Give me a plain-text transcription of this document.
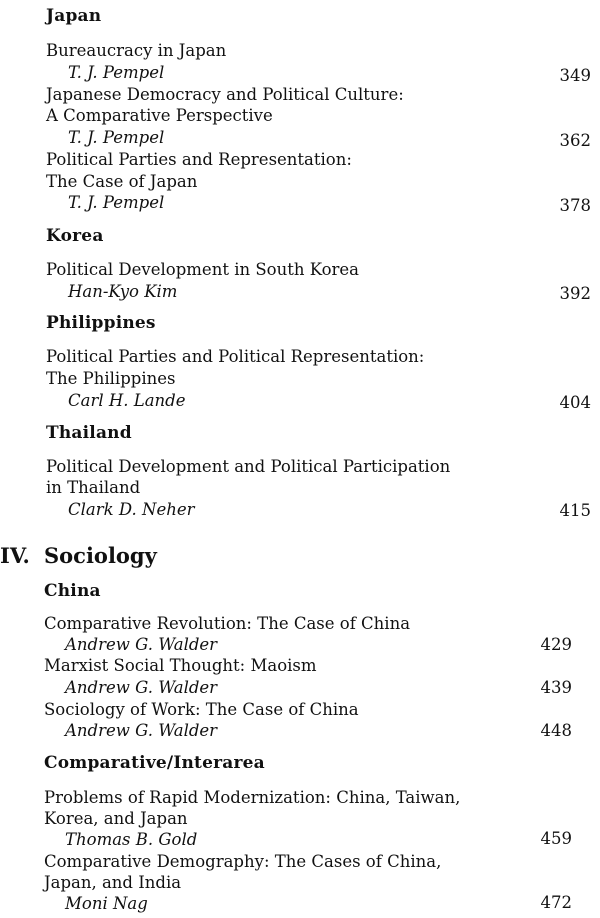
Japan
Bureaucracy in Japan
T. J. Pempel	349
Japanese Democracy and Political Culture:
A Comparative Perspective
T. J. Pempel	362
Political Parties and Representation:
The Case of Japan
T. J. Pempel	378
Korea
Political Development in South Korea
Han-Kyo Kim	392
Philippines
Political Parties and Political Representation:
The Philippines
Carl H. Lande	404
Thailand
Political Development and Political Participation
in Thailand
Clark D. Neher	415
IV. Sociology
China
Comparative Revolution: The Case of China
Andrew G. Walder	429
Marxist Social Thought: Maoism
Andrew G. Walder	439
Sociology of Work: The Case of China
Andrew G. Walder	448
Comparative/Interarea
Problems of Rapid Modernization: China, Taiwan,
Korea, and Japan
Thomas B. Gold	459
Comparative Demography: The Cases of China,
Japan, and India
Moni Nag	472
